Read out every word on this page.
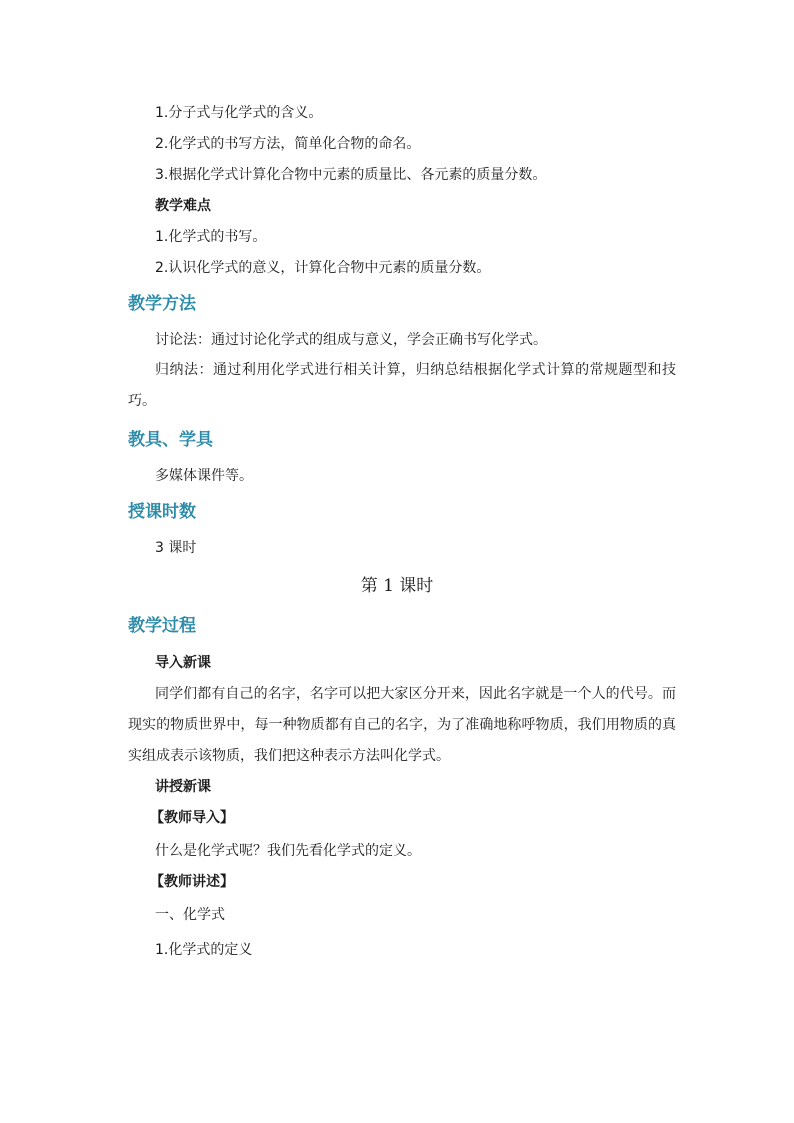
1.分子式与化学式的含义。
2.化学式的书写方法，简单化合物的命名。
3.根据化学式计算化合物中元素的质量比、各元素的质量分数。
教学难点
1.化学式的书写。
2.认识化学式的意义，计算化合物中元素的质量分数。
教学方法
讨论法：通过讨论化学式的组成与意义，学会正确书写化学式。
归纳法：通过利用化学式进行相关计算，归纳总结根据化学式计算的常规题型和技巧。
教具、学具
多媒体课件等。
授课时数
3 课时
第 1 课时
教学过程
导入新课
同学们都有自己的名字，名字可以把大家区分开来，因此名字就是一个人的代号。而现实的物质世界中，每一种物质都有自己的名字，为了准确地称呼物质，我们用物质的真实组成表示该物质，我们把这种表示方法叫化学式。
讲授新课
【教师导入】
什么是化学式呢？我们先看化学式的定义。
【教师讲述】
一、化学式
1.化学式的定义
